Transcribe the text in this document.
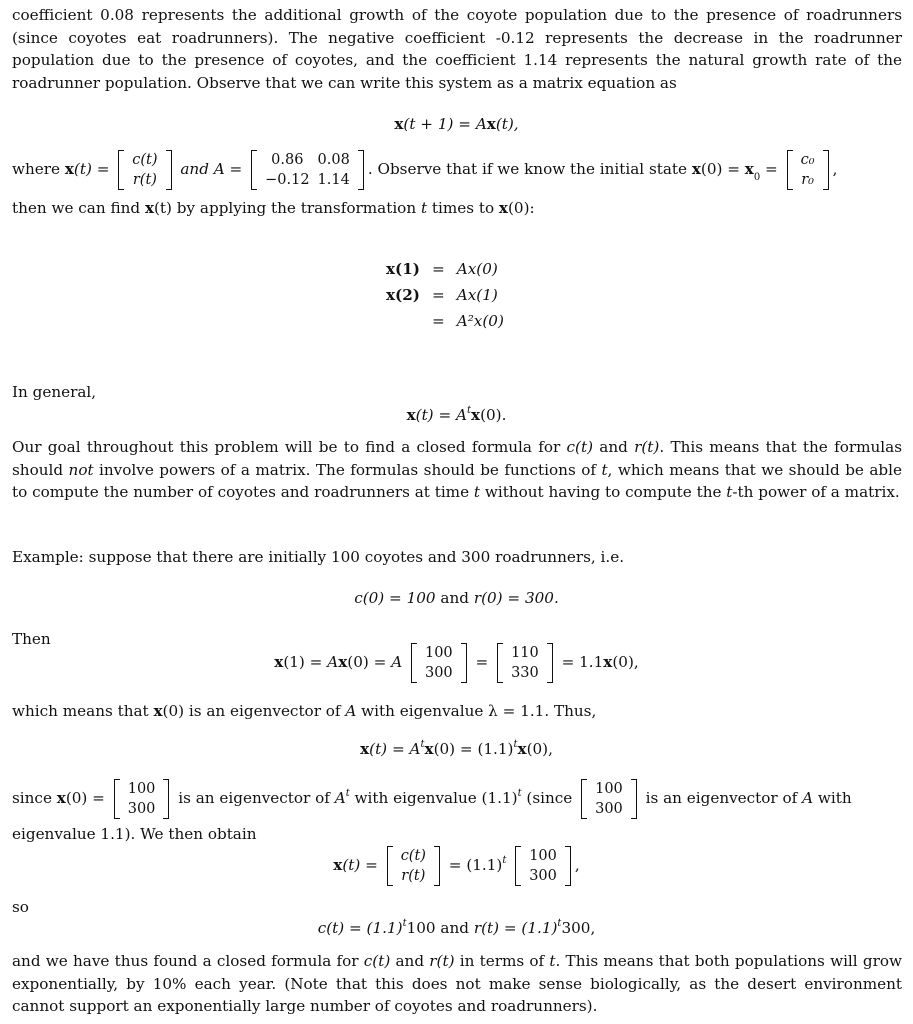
coefficient 0.08 represents the additional growth of the coyote population due to the presence of roadrunners (since coyotes eat roadrunners). The negative coefficient -0.12 represents the decrease in the roadrunner population due to the presence of coyotes, and the coefficient 1.14 represents the natural growth rate of the roadrunner population. Observe that we can write this system as a matrix equation as

x(t + 1) = Ax(t),
where x(t) = c(t)
r(t)
and A = 0.86	0.08
−0.12	1.14
. Observe that if we know the initial state $x(0) = x_0 = c_0$
r₀
,
then we can find x(t) by applying the transformation t times to x(0):
x(1)	=	Ax(0)
x(2)	=	Ax(1)
	=	A²x(0)
In general,
$x(t) = A^tx(0)$.

Our goal throughout this problem will be to find a closed formula for c(t) and r(t). This means that the formulas should not involve powers of a matrix. The formulas should be functions of t, which means that we should be able to compute the number of coyotes and roadrunners at time t without having to compute the t-th power of a matrix.

Example: suppose that there are initially 100 coyotes and 300 roadrunners, i.e.
c(0) = 100 and r(0) = 300.
Then
x(1) = Ax(0) = A 100
300
= 110
330
= 1.1x(0),
which means that x(0) is an eigenvector of A with eigenvalue λ = 1.1. Thus,
$x(t) = A^tx(0) = (1.1)^tx(0)$,
since x(0) = 100
300
is an eigenvector of $A^t$ with eigenvalue $(1.1)^t$ (since 100
300
is an eigenvector of A with
eigenvalue 1.1). We then obtain
x(t) = c(t)
r(t)
= $(1.1)^t$ 100
300
,
so
$c(t) = (1.1)^t100$ and $r(t) = (1.1)^t300$,

and we have thus found a closed formula for c(t) and r(t) in terms of t. This means that both populations will grow exponentially, by 10% each year. (Note that this does not make sense biologically, as the desert environment cannot support an exponentially large number of coyotes and roadrunners).
